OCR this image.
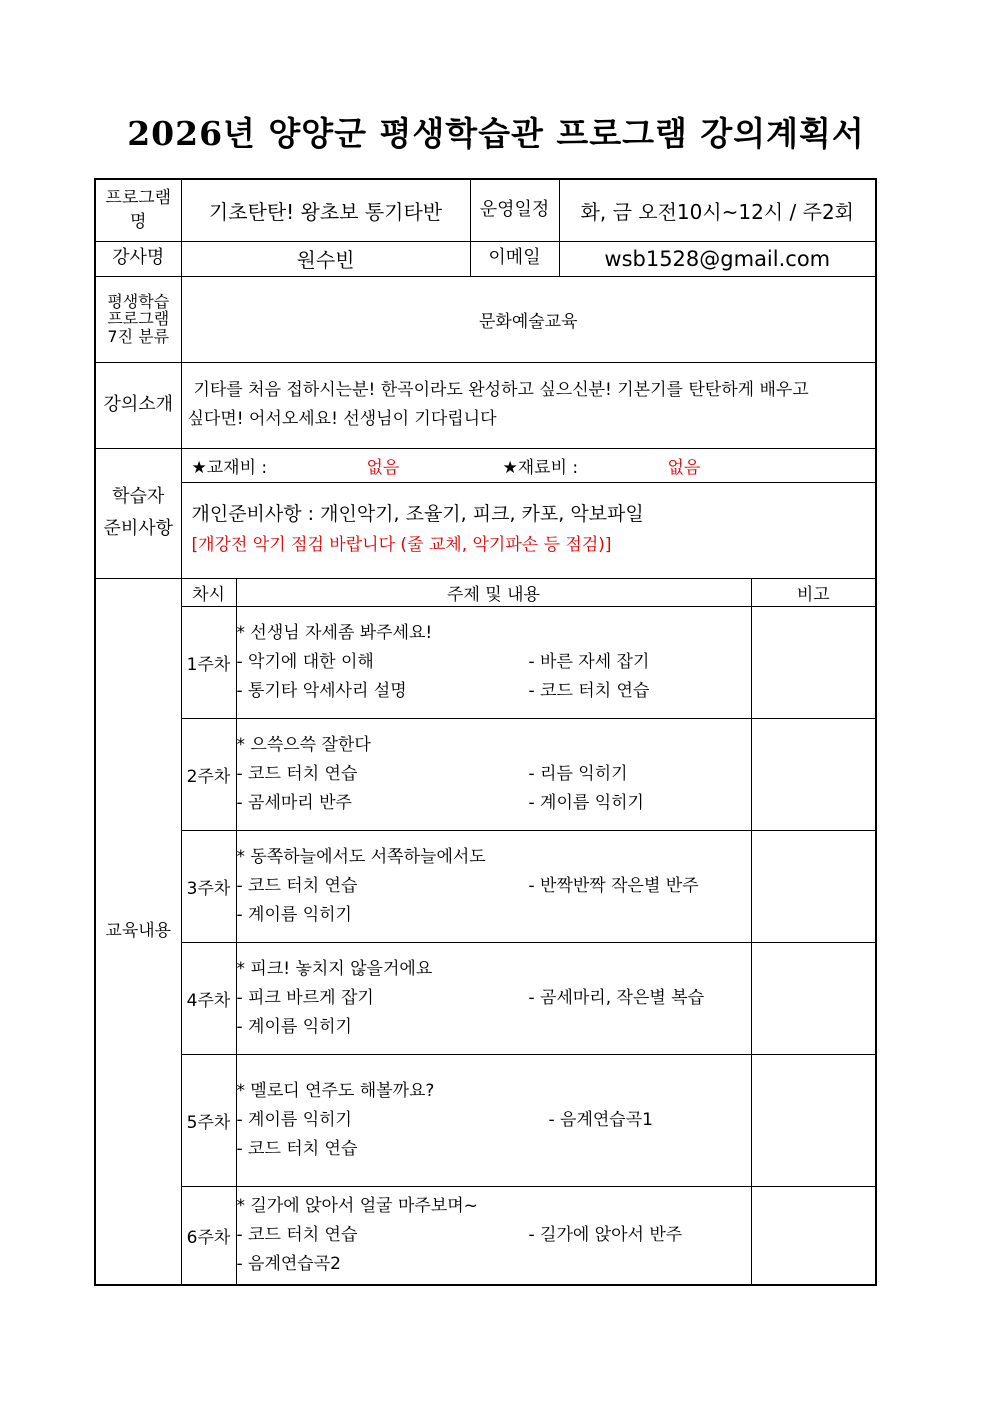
2026년 양양군 평생학습관 프로그램 강의계획서
프로그램명	기초탄탄! 왕초보 통기타반		운영일정	화, 금 오전10시~12시 / 주2회	
강사명	원수빈		이메일	wsb1528@gmail.com	
평생학습 프로그램 7진 분류	문화예술교육				
강의소개	기타를 처음 접하시는분! 한곡이라도 완성하고 싶으신분! 기본기를 탄탄하게 배우고
싶다면! 어서오세요! 선생님이 기다립니다				

학습자 준비사항	★교재비 : 없음 ★재료비 : 없음				

	개인준비사항 : 개인악기, 조율기, 피크, 카포, 악보파일
[개강전 악기 점검 바랍니다 (줄 교체, 악기파손 등 점검)]				

교육내용	차시	주제 및 내용			비고
	1주차	* 선생님 자세좀 봐주세요!
- 악기에 대한 이해 - 바른 자세 잡기
- 통기타 악세사리 설명 - 코드 터치 연습			

	2주차	* 으쓱으쓱 잘한다
- 코드 터치 연습 - 리듬 익히기
- 곰세마리 반주 - 계이름 익히기			

	3주차	* 동쪽하늘에서도 서쪽하늘에서도
- 코드 터치 연습 - 반짝반짝 작은별 반주
- 계이름 익히기			

	4주차	* 피크! 놓치지 않을거에요
- 피크 바르게 잡기 - 곰세마리, 작은별 복습
- 계이름 익히기			

	5주차	* 멜로디 연주도 해볼까요?
- 계이름 익히기 - 음계연습곡1
- 코드 터치 연습			

	6주차	* 길가에 앉아서 얼굴 마주보며~
- 코드 터치 연습 - 길가에 앉아서 반주
- 음계연습곡2			
